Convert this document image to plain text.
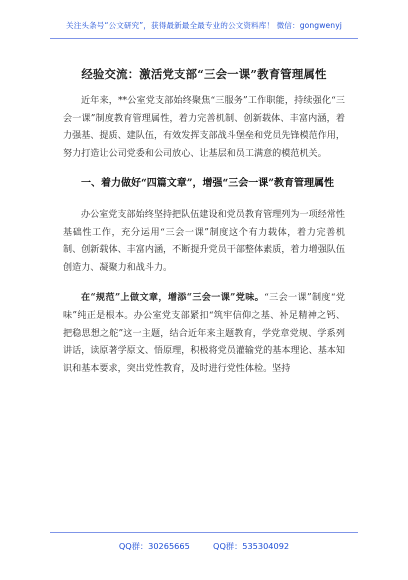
关注头条号“公文研究”，获得最新最全最专业的公文资料库！ 微信：gongwenyj
经验交流：激活党支部“三会一课”教育管理属性

近年来，**公室党支部始终聚焦“三服务”工作职能，持续强化“三会一课”制度教育管理属性，着力完善机制、创新载体、丰富内涵，着力强基、提质、建队伍，有效发挥支部战斗堡垒和党员先锋模范作用，努力打造让公司党委和公司放心、让基层和员工满意的模范机关。

一、着力做好“四篇文章”，增强“三会一课”教育管理属性

办公室党支部始终坚持把队伍建设和党员教育管理列为一项经常性基础性工作，充分运用“三会一课”制度这个有力载体，着力完善机制、创新载体、丰富内涵，不断提升党员干部整体素质，着力增强队伍创造力、凝聚力和战斗力。

在“规范”上做文章，增添“三会一课”党味。“三会一课”制度“党味”纯正是根本。办公室党支部紧扣“筑牢信仰之基、补足精神之钙、把稳思想之舵”这一主题，结合近年来主题教育，学党章党规、学系列讲话，读原著学原文、悟原理，积极将党员灌输党的基本理论、基本知识和基本要求，突出党性教育，及时进行党性体检。坚持

QQ群：30265665	QQ群：535304092
